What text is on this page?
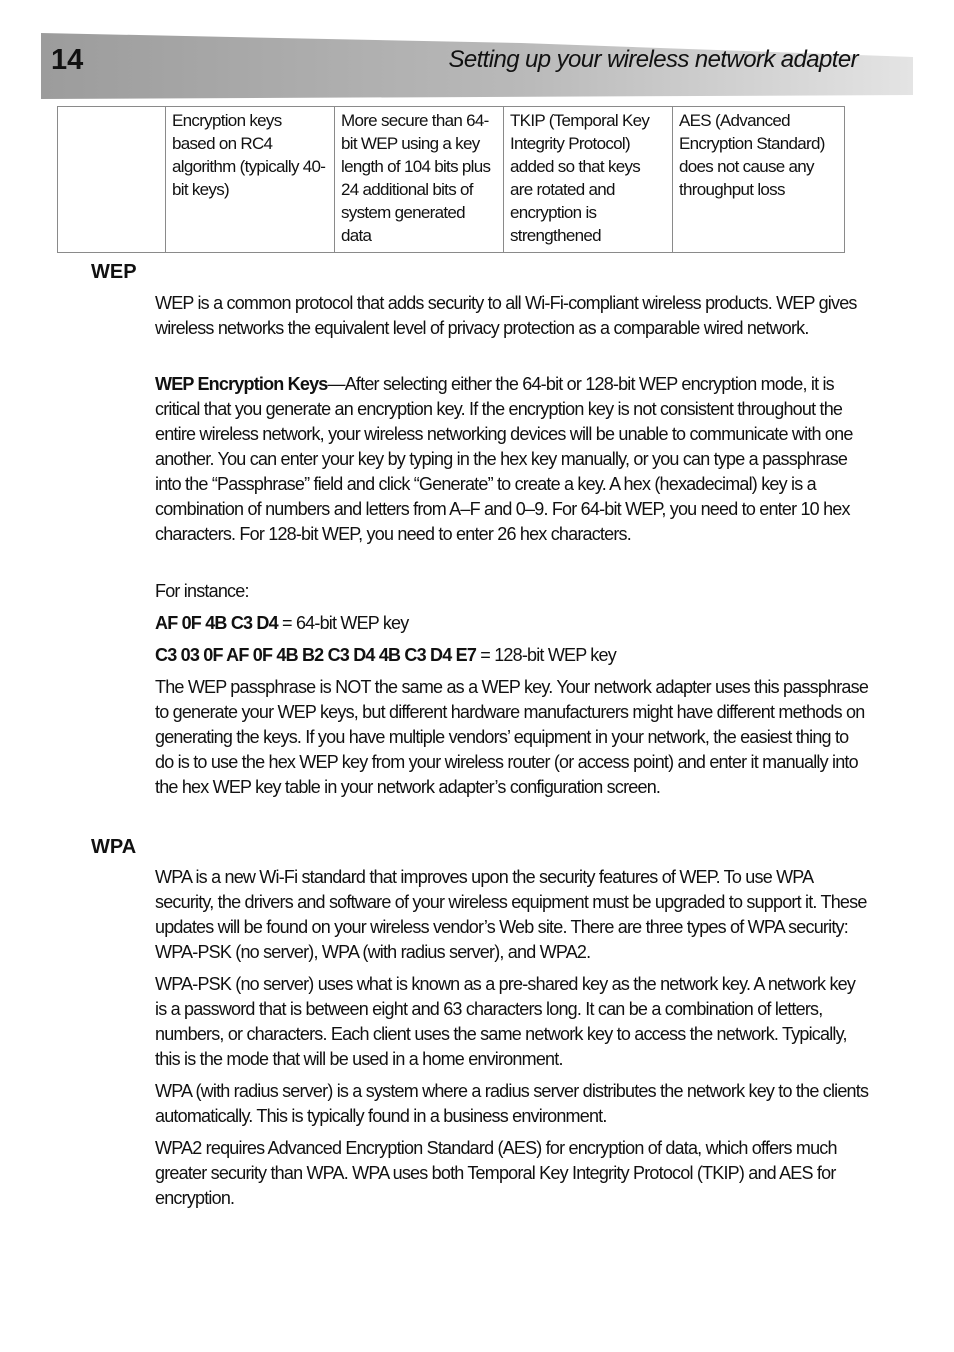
14	Setting up your wireless network adapter
	Encryption keys based on RC4 algorithm (typically 40-bit keys)	More secure than 64-bit WEP using a key length of 104 bits plus 24 additional bits of system generated data	TKIP (Temporal Key Integrity Protocol) added so that keys are rotated and encryption is strengthened	AES (Advanced Encryption Standard) does not cause any throughput loss
WEP

WEP is a common protocol that adds security to all Wi-Fi-compliant wireless products. WEP gives wireless networks the equivalent level of privacy protection as a comparable wired network.

WEP Encryption Keys—After selecting either the 64-bit or 128-bit WEP encryption mode, it is critical that you generate an encryption key. If the encryption key is not consistent throughout the entire wireless network, your wireless networking devices will be unable to communicate with one another. You can enter your key by typing in the hex key manually, or you can type a passphrase into the “Passphrase” field and click “Generate” to create a key. A hex (hexadecimal) key is a combination of numbers and letters from A–F and 0–9. For 64-bit WEP, you need to enter 10 hex characters. For 128-bit WEP, you need to enter 26 hex characters.

For instance:

AF 0F 4B C3 D4 = 64-bit WEP key

C3 03 0F AF 0F 4B B2 C3 D4 4B C3 D4 E7 = 128-bit WEP key

The WEP passphrase is NOT the same as a WEP key. Your network adapter uses this passphrase to generate your WEP keys, but different hardware manufacturers might have different methods on generating the keys. If you have multiple vendors’ equipment in your network, the easiest thing to do is to use the hex WEP key from your wireless router (or access point) and enter it manually into the hex WEP key table in your network adapter’s configuration screen.

WPA

WPA is a new Wi-Fi standard that improves upon the security features of WEP. To use WPA security, the drivers and software of your wireless equipment must be upgraded to support it. These updates will be found on your wireless vendor’s Web site. There are three types of WPA security: WPA-PSK (no server), WPA (with radius server), and WPA2.

WPA-PSK (no server) uses what is known as a pre-shared key as the network key. A network key is a password that is between eight and 63 characters long. It can be a combination of letters, numbers, or characters. Each client uses the same network key to access the network. Typically, this is the mode that will be used in a home environment.

WPA (with radius server) is a system where a radius server distributes the network key to the clients automatically. This is typically found in a business environment.

WPA2 requires Advanced Encryption Standard (AES) for encryption of data, which offers much greater security than WPA. WPA uses both Temporal Key Integrity Protocol (TKIP) and AES for encryption.
